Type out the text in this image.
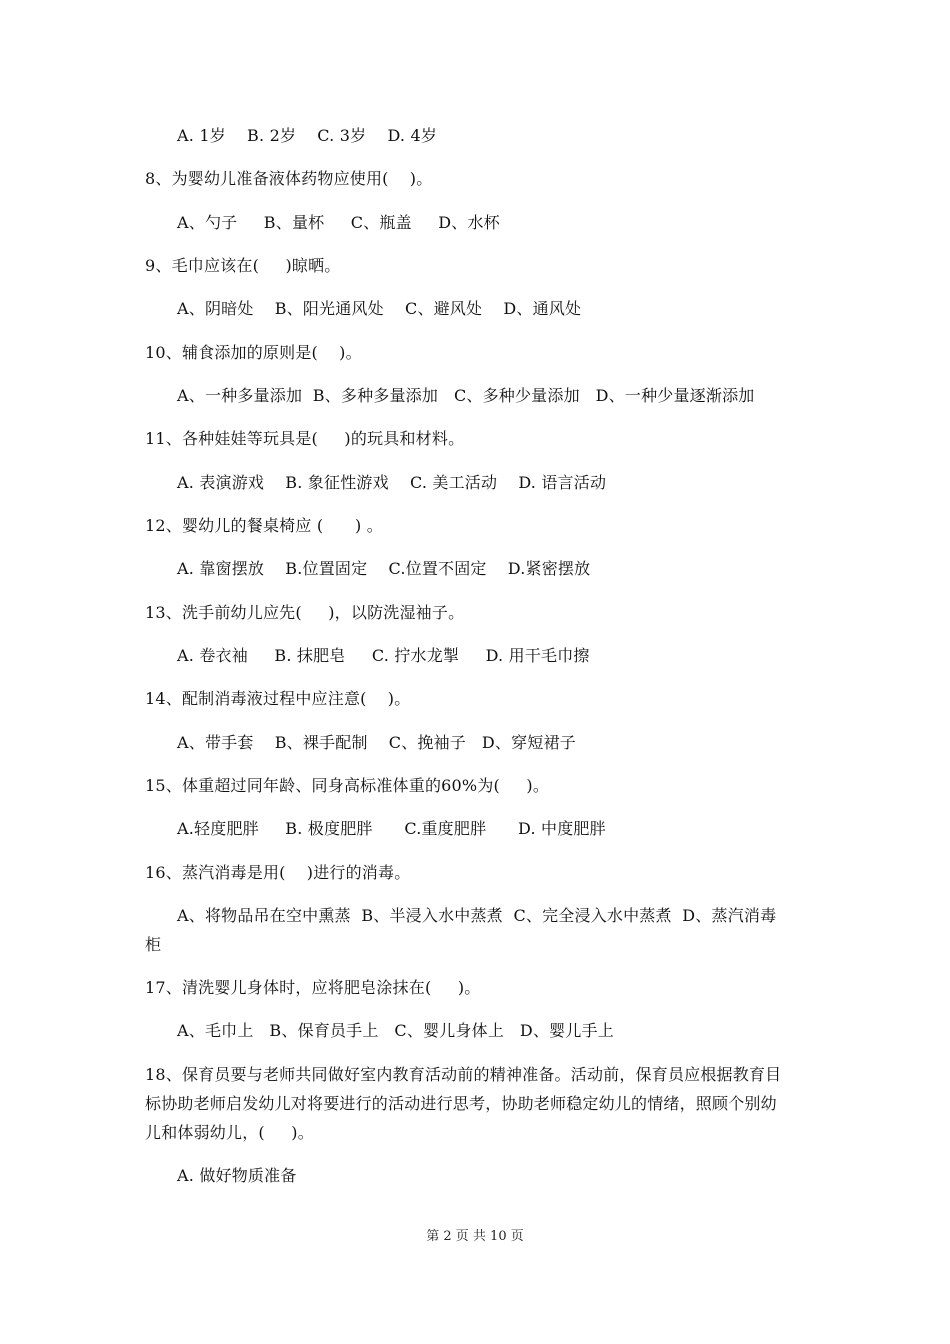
A. 1岁    B. 2岁    C. 3岁    D. 4岁
8、为婴幼儿准备液体药物应使用(    )。
A、勺子     B、量杯     C、瓶盖     D、水杯
9、毛巾应该在(     )晾晒。
A、阴暗处    B、阳光通风处    C、避风处    D、通风处
10、辅食添加的原则是(    )。
A、一种多量添加  B、多种多量添加   C、多种少量添加   D、一种少量逐渐添加
11、各种娃娃等玩具是(     )的玩具和材料。
A. 表演游戏    B. 象征性游戏    C. 美工活动    D. 语言活动
12、婴幼儿的餐桌椅应 (      ) 。
A. 靠窗摆放    B.位置固定    C.位置不固定    D.紧密摆放
13、洗手前幼儿应先(     )，以防洗湿袖子。
A. 卷衣袖     B. 抹肥皂     C. 拧水龙掣     D. 用干毛巾擦
14、配制消毒液过程中应注意(    )。
A、带手套    B、裸手配制    C、挽袖子   D、穿短裙子
15、体重超过同年龄、同身高标准体重的60%为(     )。
A.轻度肥胖     B. 极度肥胖      C.重度肥胖      D. 中度肥胖
16、蒸汽消毒是用(    )进行的消毒。
A、将物品吊在空中熏蒸  B、半浸入水中蒸煮  C、完全浸入水中蒸煮  D、蒸汽消毒
柜
17、清洗婴儿身体时，应将肥皂涂抹在(     )。
A、毛巾上   B、保育员手上   C、婴儿身体上   D、婴儿手上
18、保育员要与老师共同做好室内教育活动前的精神准备。活动前，保育员应根据教育目
标协助老师启发幼儿对将要进行的活动进行思考，协助老师稳定幼儿的情绪，照顾个别幼
儿和体弱幼儿，(     )。
A. 做好物质准备
第 2 页 共 10 页
